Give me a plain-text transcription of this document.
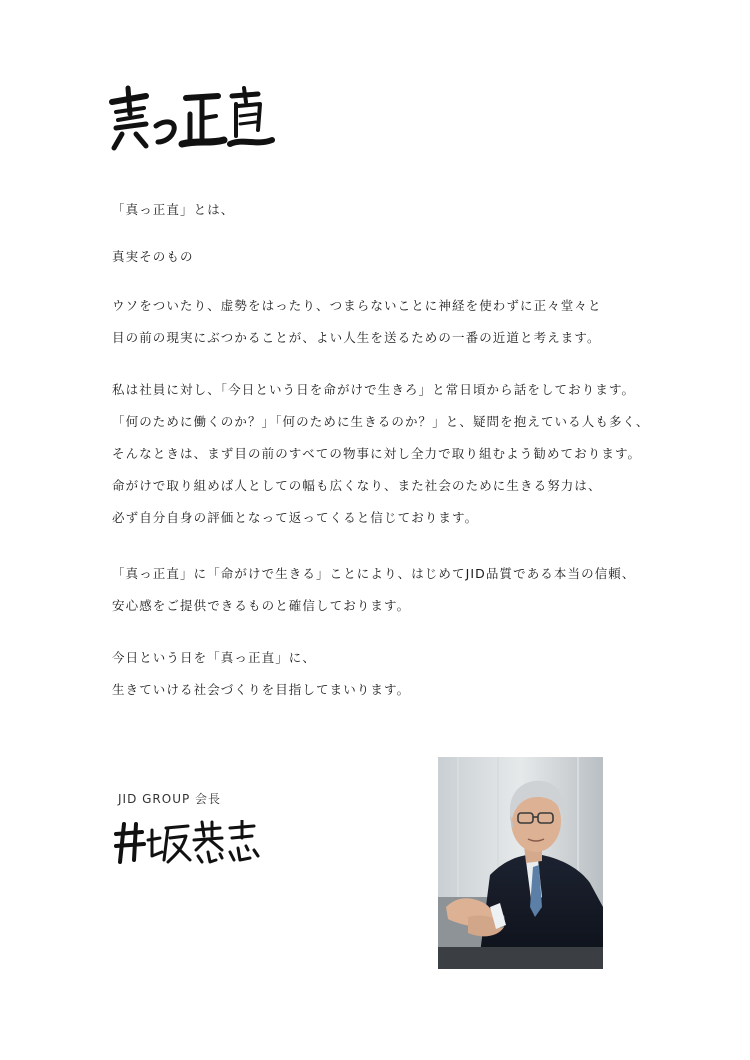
「真っ正直」とは、
真実そのもの
ウソをついたり、虚勢をはったり、つまらないことに神経を使わずに正々堂々と
目の前の現実にぶつかることが、よい人生を送るための一番の近道と考えます。
私は社員に対し、「今日という日を命がけで生きろ」と常日頃から話をしております。
「何のために働くのか？」「何のために生きるのか？」と、疑問を抱えている人も多く、
そんなときは、まず目の前のすべての物事に対し全力で取り組むよう勧めております。
命がけで取り組めば人としての幅も広くなり、また社会のために生きる努力は、
必ず自分自身の評価となって返ってくると信じております。
「真っ正直」に「命がけで生きる」ことにより、はじめてJID品質である本当の信頼、
安心感をご提供できるものと確信しております。
今日という日を「真っ正直」に、
生きていける社会づくりを目指してまいります。
JID GROUP 会長
